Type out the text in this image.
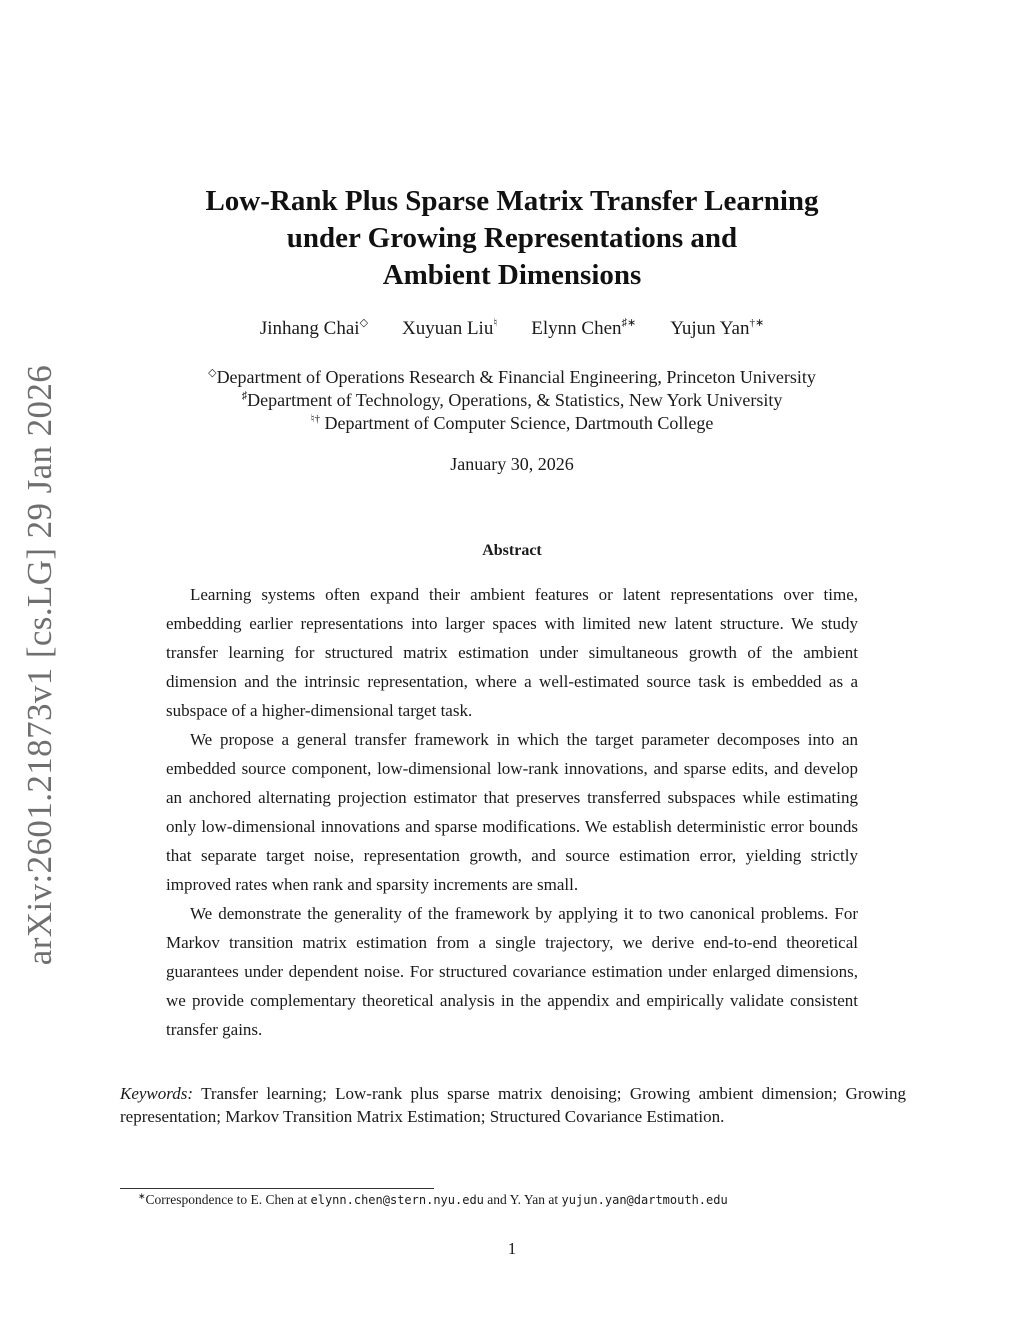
arXiv:2601.21873v1 [cs.LG] 29 Jan 2026
Low-Rank Plus Sparse Matrix Transfer Learning
under Growing Representations and
Ambient Dimensions
Jinhang Chai◇ Xuyuan Liu♮ Elynn Chen♯∗ Yujun Yan†∗
◇Department of Operations Research & Financial Engineering, Princeton University
♯Department of Technology, Operations, & Statistics, New York University
♮† Department of Computer Science, Dartmouth College
January 30, 2026
Abstract

Learning systems often expand their ambient features or latent representations over time, embedding earlier representations into larger spaces with limited new latent structure. We study transfer learning for structured matrix estimation under simultaneous growth of the ambient dimension and the intrinsic representation, where a well-estimated source task is embedded as a subspace of a higher-dimensional target task.

We propose a general transfer framework in which the target parameter decomposes into an embedded source component, low-dimensional low-rank innovations, and sparse edits, and develop an anchored alternating projection estimator that preserves transferred subspaces while estimating only low-dimensional innovations and sparse modifications. We establish deterministic error bounds that separate target noise, representation growth, and source estimation error, yielding strictly improved rates when rank and sparsity increments are small.

We demonstrate the generality of the framework by applying it to two canonical problems. For Markov transition matrix estimation from a single trajectory, we derive end-to-end theoretical guarantees under dependent noise. For structured covariance estimation under enlarged dimensions, we provide complementary theoretical analysis in the appendix and empirically validate consistent transfer gains.

Keywords: Transfer learning; Low-rank plus sparse matrix denoising; Growing ambient dimension; Growing representation; Markov Transition Matrix Estimation; Structured Covariance Estimation.
∗Correspondence to E. Chen at elynn.chen@stern.nyu.edu and Y. Yan at yujun.yan@dartmouth.edu
1
